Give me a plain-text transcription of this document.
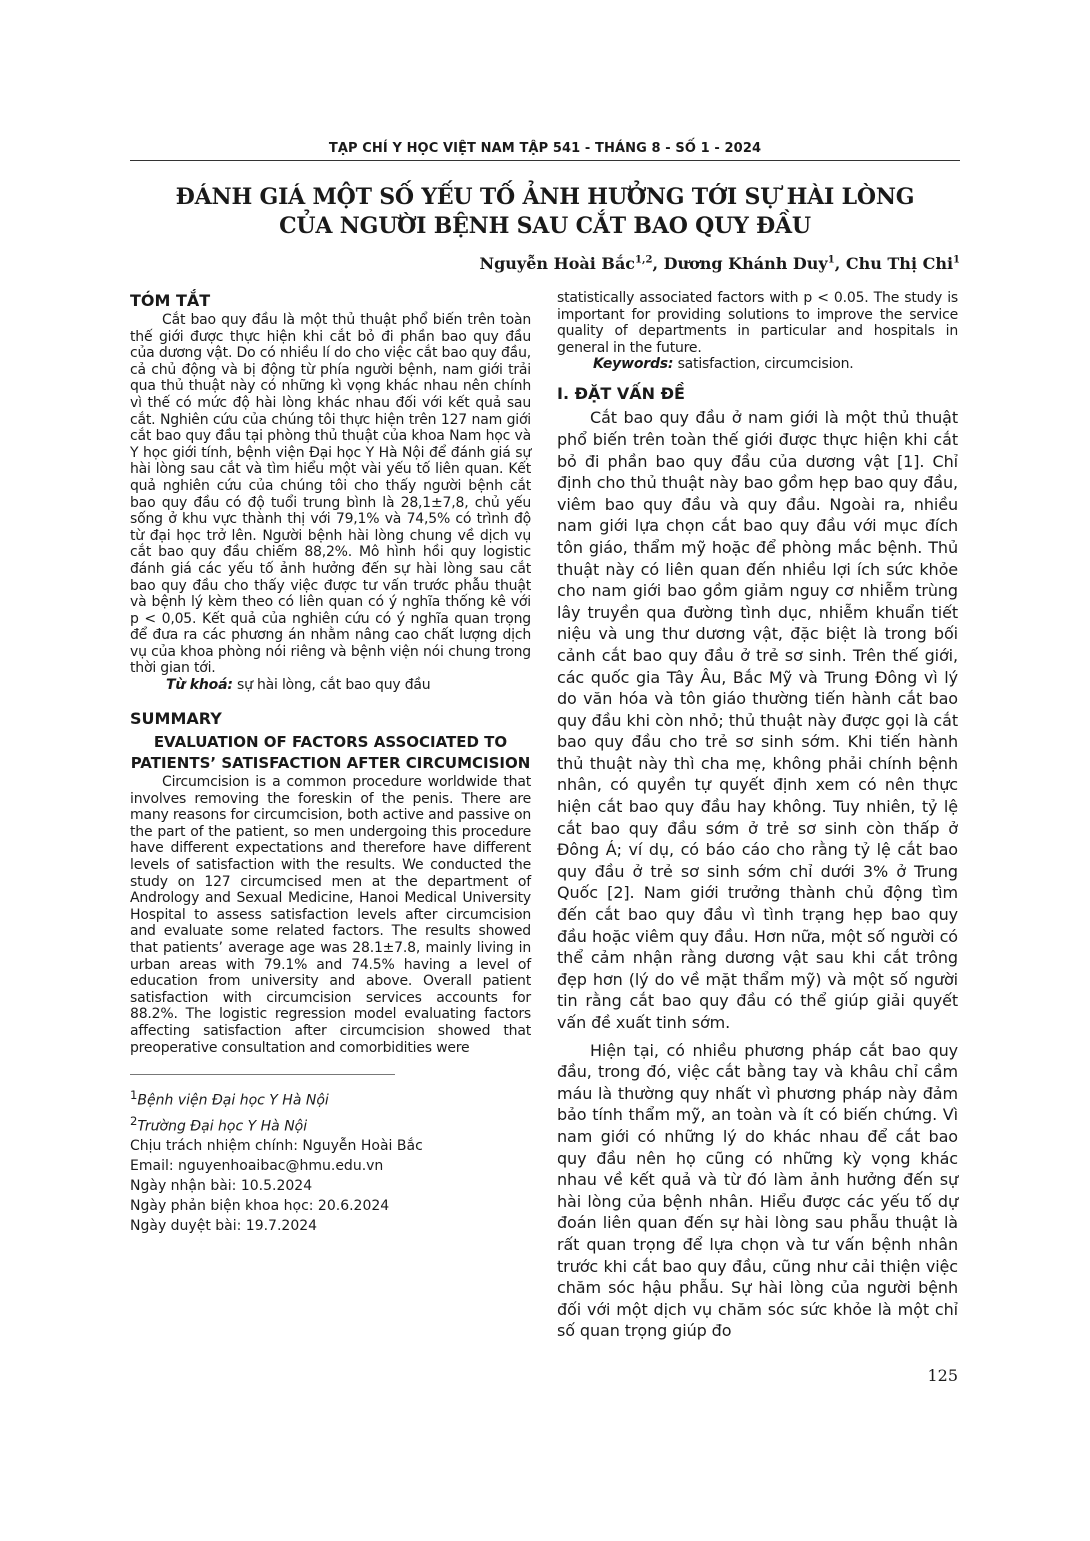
TẠP CHÍ Y HỌC VIỆT NAM TẬP 541 - THÁNG 8 - SỐ 1 - 2024
ĐÁNH GIÁ MỘT SỐ YẾU TỐ ẢNH HƯỞNG TỚI SỰ HÀI LÒNG
CỦA NGƯỜI BỆNH SAU CẮT BAO QUY ĐẦU
Nguyễn Hoài Bắc$^{1,2}$, Dương Khánh Duy$^1$, Chu Thị Chi$^1$
TÓM TẮT

Cắt bao quy đầu là một thủ thuật phổ biến trên toàn thế giới được thực hiện khi cắt bỏ đi phần bao quy đầu của dương vật. Do có nhiều lí do cho việc cắt bao quy đầu, cả chủ động và bị động từ phía người bệnh, nam giới trải qua thủ thuật này có những kì vọng khác nhau nên chính vì thế có mức độ hài lòng khác nhau đối với kết quả sau cắt. Nghiên cứu của chúng tôi thực hiện trên 127 nam giới cắt bao quy đầu tại phòng thủ thuật của khoa Nam học và Y học giới tính, bệnh viện Đại học Y Hà Nội để đánh giá sự hài lòng sau cắt và tìm hiểu một vài yếu tố liên quan. Kết quả nghiên cứu của chúng tôi cho thấy người bệnh cắt bao quy đầu có độ tuổi trung bình là 28,1±7,8, chủ yếu sống ở khu vực thành thị với 79,1% và 74,5% có trình độ từ đại học trở lên. Người bệnh hài lòng chung về dịch vụ cắt bao quy đầu chiếm 88,2%. Mô hình hồi quy logistic đánh giá các yếu tố ảnh hưởng đến sự hài lòng sau cắt bao quy đầu cho thấy việc được tư vấn trước phẫu thuật và bệnh lý kèm theo có liên quan có ý nghĩa thống kê với p < 0,05. Kết quả của nghiên cứu có ý nghĩa quan trọng để đưa ra các phương án nhằm nâng cao chất lượng dịch vụ của khoa phòng nói riêng và bệnh viện nói chung trong thời gian tới.

Từ khoá: sự hài lòng, cắt bao quy đầu

SUMMARY
EVALUATION OF FACTORS ASSOCIATED TO PATIENTS’ SATISFACTION AFTER CIRCUMCISION

Circumcision is a common procedure worldwide that involves removing the foreskin of the penis. There are many reasons for circumcision, both active and passive on the part of the patient, so men undergoing this procedure have different expectations and therefore have different levels of satisfaction with the results. We conducted the study on 127 circumcised men at the department of Andrology and Sexual Medicine, Hanoi Medical University Hospital to assess satisfaction levels after circumcision and evaluate some related factors. The results showed that patients’ average age was 28.1±7.8, mainly living in urban areas with 79.1% and 74.5% having a level of education from university and above. Overall patient satisfaction with circumcision services accounts for 88.2%. The logistic regression model evaluating factors affecting satisfaction after circumcision showed that preoperative consultation and comorbidities were

$^1$Bệnh viện Đại học Y Hà Nội

$^2$Trường Đại học Y Hà Nội

Chịu trách nhiệm chính: Nguyễn Hoài Bắc

Email: nguyenhoaibac@hmu.edu.vn

Ngày nhận bài: 10.5.2024

Ngày phản biện khoa học: 20.6.2024

Ngày duyệt bài: 19.7.2024

statistically associated factors with p < 0.05. The study is important for providing solutions to improve the service quality of departments in particular and hospitals in general in the future.

Keywords: satisfaction, circumcision.

I. ĐẶT VẤN ĐỀ

Cắt bao quy đầu ở nam giới là một thủ thuật phổ biến trên toàn thế giới được thực hiện khi cắt bỏ đi phần bao quy đầu của dương vật [1]. Chỉ định cho thủ thuật này bao gồm hẹp bao quy đầu, viêm bao quy đầu và quy đầu. Ngoài ra, nhiều nam giới lựa chọn cắt bao quy đầu với mục đích tôn giáo, thẩm mỹ hoặc để phòng mắc bệnh. Thủ thuật này có liên quan đến nhiều lợi ích sức khỏe cho nam giới bao gồm giảm nguy cơ nhiễm trùng lây truyền qua đường tình dục, nhiễm khuẩn tiết niệu và ung thư dương vật, đặc biệt là trong bối cảnh cắt bao quy đầu ở trẻ sơ sinh. Trên thế giới, các quốc gia Tây Âu, Bắc Mỹ và Trung Đông vì lý do văn hóa và tôn giáo thường tiến hành cắt bao quy đầu khi còn nhỏ; thủ thuật này được gọi là cắt bao quy đầu cho trẻ sơ sinh sớm. Khi tiến hành thủ thuật này thì cha mẹ, không phải chính bệnh nhân, có quyền tự quyết định xem có nên thực hiện cắt bao quy đầu hay không. Tuy nhiên, tỷ lệ cắt bao quy đầu sớm ở trẻ sơ sinh còn thấp ở Đông Á; ví dụ, có báo cáo cho rằng tỷ lệ cắt bao quy đầu ở trẻ sơ sinh sớm chỉ dưới 3% ở Trung Quốc [2]. Nam giới trưởng thành chủ động tìm đến cắt bao quy đầu vì tình trạng hẹp bao quy đầu hoặc viêm quy đầu. Hơn nữa, một số người có thể cảm nhận rằng dương vật sau khi cắt trông đẹp hơn (lý do về mặt thẩm mỹ) và một số người tin rằng cắt bao quy đầu có thể giúp giải quyết vấn đề xuất tinh sớm.

Hiện tại, có nhiều phương pháp cắt bao quy đầu, trong đó, việc cắt bằng tay và khâu chỉ cầm máu là thường quy nhất vì phương pháp này đảm bảo tính thẩm mỹ, an toàn và ít có biến chứng. Vì nam giới có những lý do khác nhau để cắt bao quy đầu nên họ cũng có những kỳ vọng khác nhau về kết quả và từ đó làm ảnh hưởng đến sự hài lòng của bệnh nhân. Hiểu được các yếu tố dự đoán liên quan đến sự hài lòng sau phẫu thuật là rất quan trọng để lựa chọn và tư vấn bệnh nhân trước khi cắt bao quy đầu, cũng như cải thiện việc chăm sóc hậu phẫu. Sự hài lòng của người bệnh đối với một dịch vụ chăm sóc sức khỏe là một chỉ số quan trọng giúp đo

125
